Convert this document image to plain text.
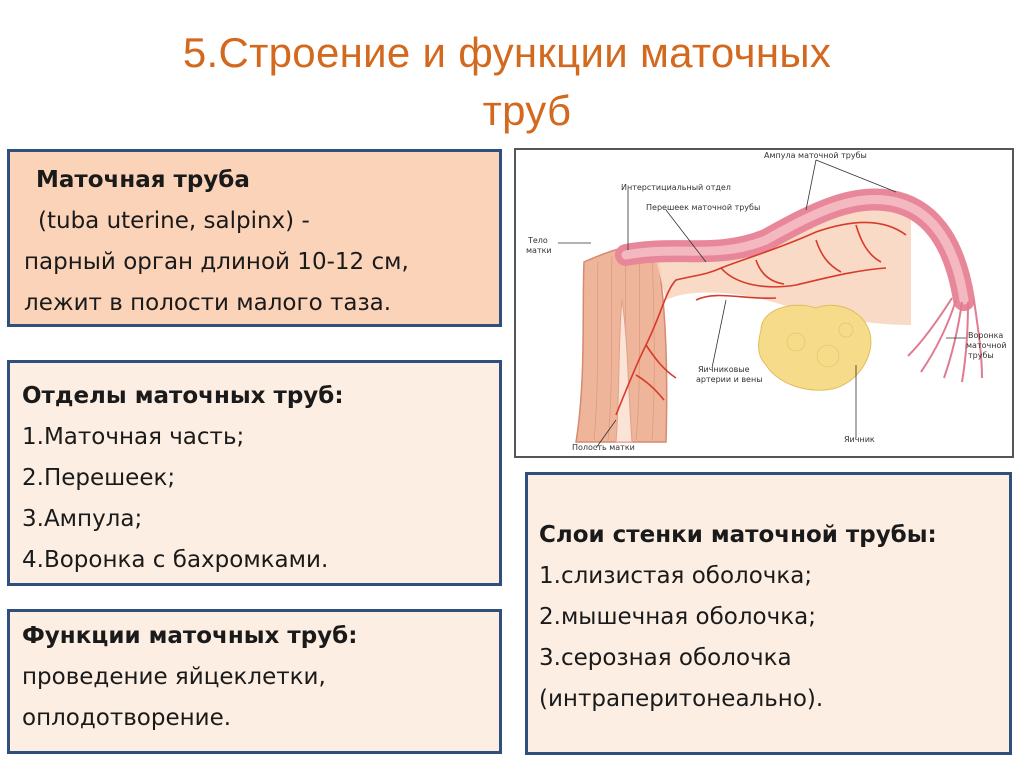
5.Строение и функции маточных
труб
Маточная труба
(tuba uterine, salpinx) -
парный орган длиной 10-12 см,
лежит в полости малого таза.
Отделы маточных труб:
1.Маточная часть;
2.Перешеек;
3.Ампула;
4.Воронка с бахромками.
Функции маточных труб:
проведение яйцеклетки,
оплодотворение.
Слои стенки маточной трубы:
1.слизистая оболочка;
2.мышечная оболочка;
3.серозная оболочка
(интраперитонеально).
Ампула маточной трубы
Интерстициальный отдел
Перешеек маточной трубы
Тело
матки
Воронка
маточной
трубы
Яичниковые
артерии и вены
Яичник
Полость матки
